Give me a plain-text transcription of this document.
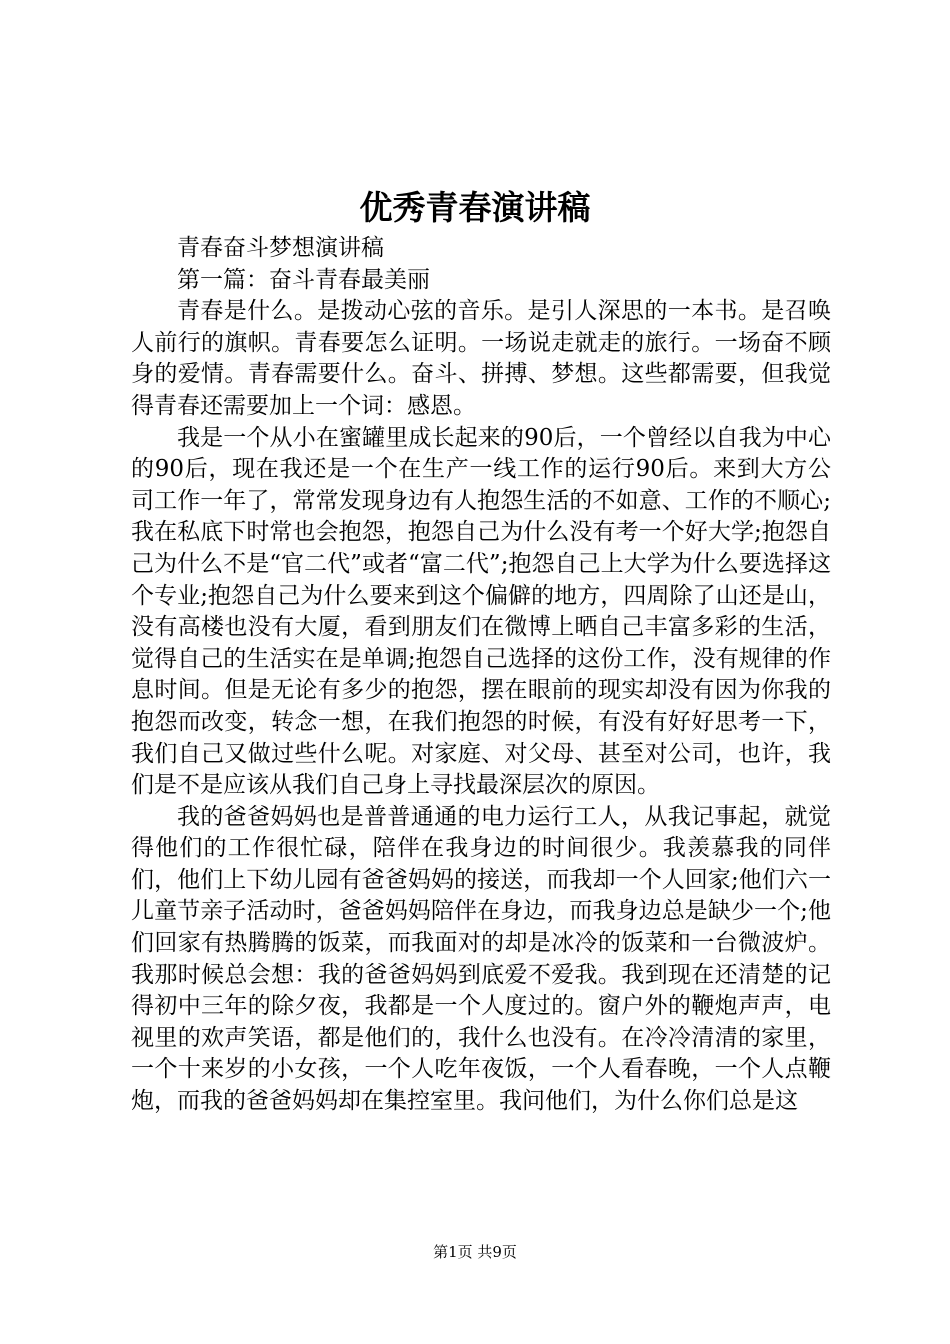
优秀青春演讲稿

青春奋斗梦想演讲稿

第一篇：奋斗青春最美丽

青春是什么。是拨动心弦的音乐。是引人深思的一本书。是召唤人前行的旗帜。青春要怎么证明。一场说走就走的旅行。一场奋不顾身的爱情。青春需要什么。奋斗、拼搏、梦想。这些都需要，但我觉得青春还需要加上一个词：感恩。

我是一个从小在蜜罐里成长起来的90后，一个曾经以自我为中心的90后，现在我还是一个在生产一线工作的运行90后。来到大方公司工作一年了，常常发现身边有人抱怨生活的不如意、工作的不顺心;我在私底下时常也会抱怨，抱怨自己为什么没有考一个好大学;抱怨自己为什么不是“官二代”或者“富二代”;抱怨自己上大学为什么要选择这个专业;抱怨自己为什么要来到这个偏僻的地方，四周除了山还是山，没有高楼也没有大厦，看到朋友们在微博上晒自己丰富多彩的生活，觉得自己的生活实在是单调;抱怨自己选择的这份工作，没有规律的作息时间。但是无论有多少的抱怨，摆在眼前的现实却没有因为你我的抱怨而改变，转念一想，在我们抱怨的时候，有没有好好思考一下，我们自己又做过些什么呢。对家庭、对父母、甚至对公司，也许，我们是不是应该从我们自己身上寻找最深层次的原因。

我的爸爸妈妈也是普普通通的电力运行工人，从我记事起，就觉得他们的工作很忙碌，陪伴在我身边的时间很少。我羡慕我的同伴们，他们上下幼儿园有爸爸妈妈的接送，而我却一个人回家;他们六一儿童节亲子活动时，爸爸妈妈陪伴在身边，而我身边总是缺少一个;他们回家有热腾腾的饭菜，而我面对的却是冰冷的饭菜和一台微波炉。我那时候总会想：我的爸爸妈妈到底爱不爱我。我到现在还清楚的记得初中三年的除夕夜，我都是一个人度过的。窗户外的鞭炮声声，电视里的欢声笑语，都是他们的，我什么也没有。在冷冷清清的家里，一个十来岁的小女孩，一个人吃年夜饭，一个人看春晚，一个人点鞭炮，而我的爸爸妈妈却在集控室里。我问他们，为什么你们总是这

第1页 共9页
